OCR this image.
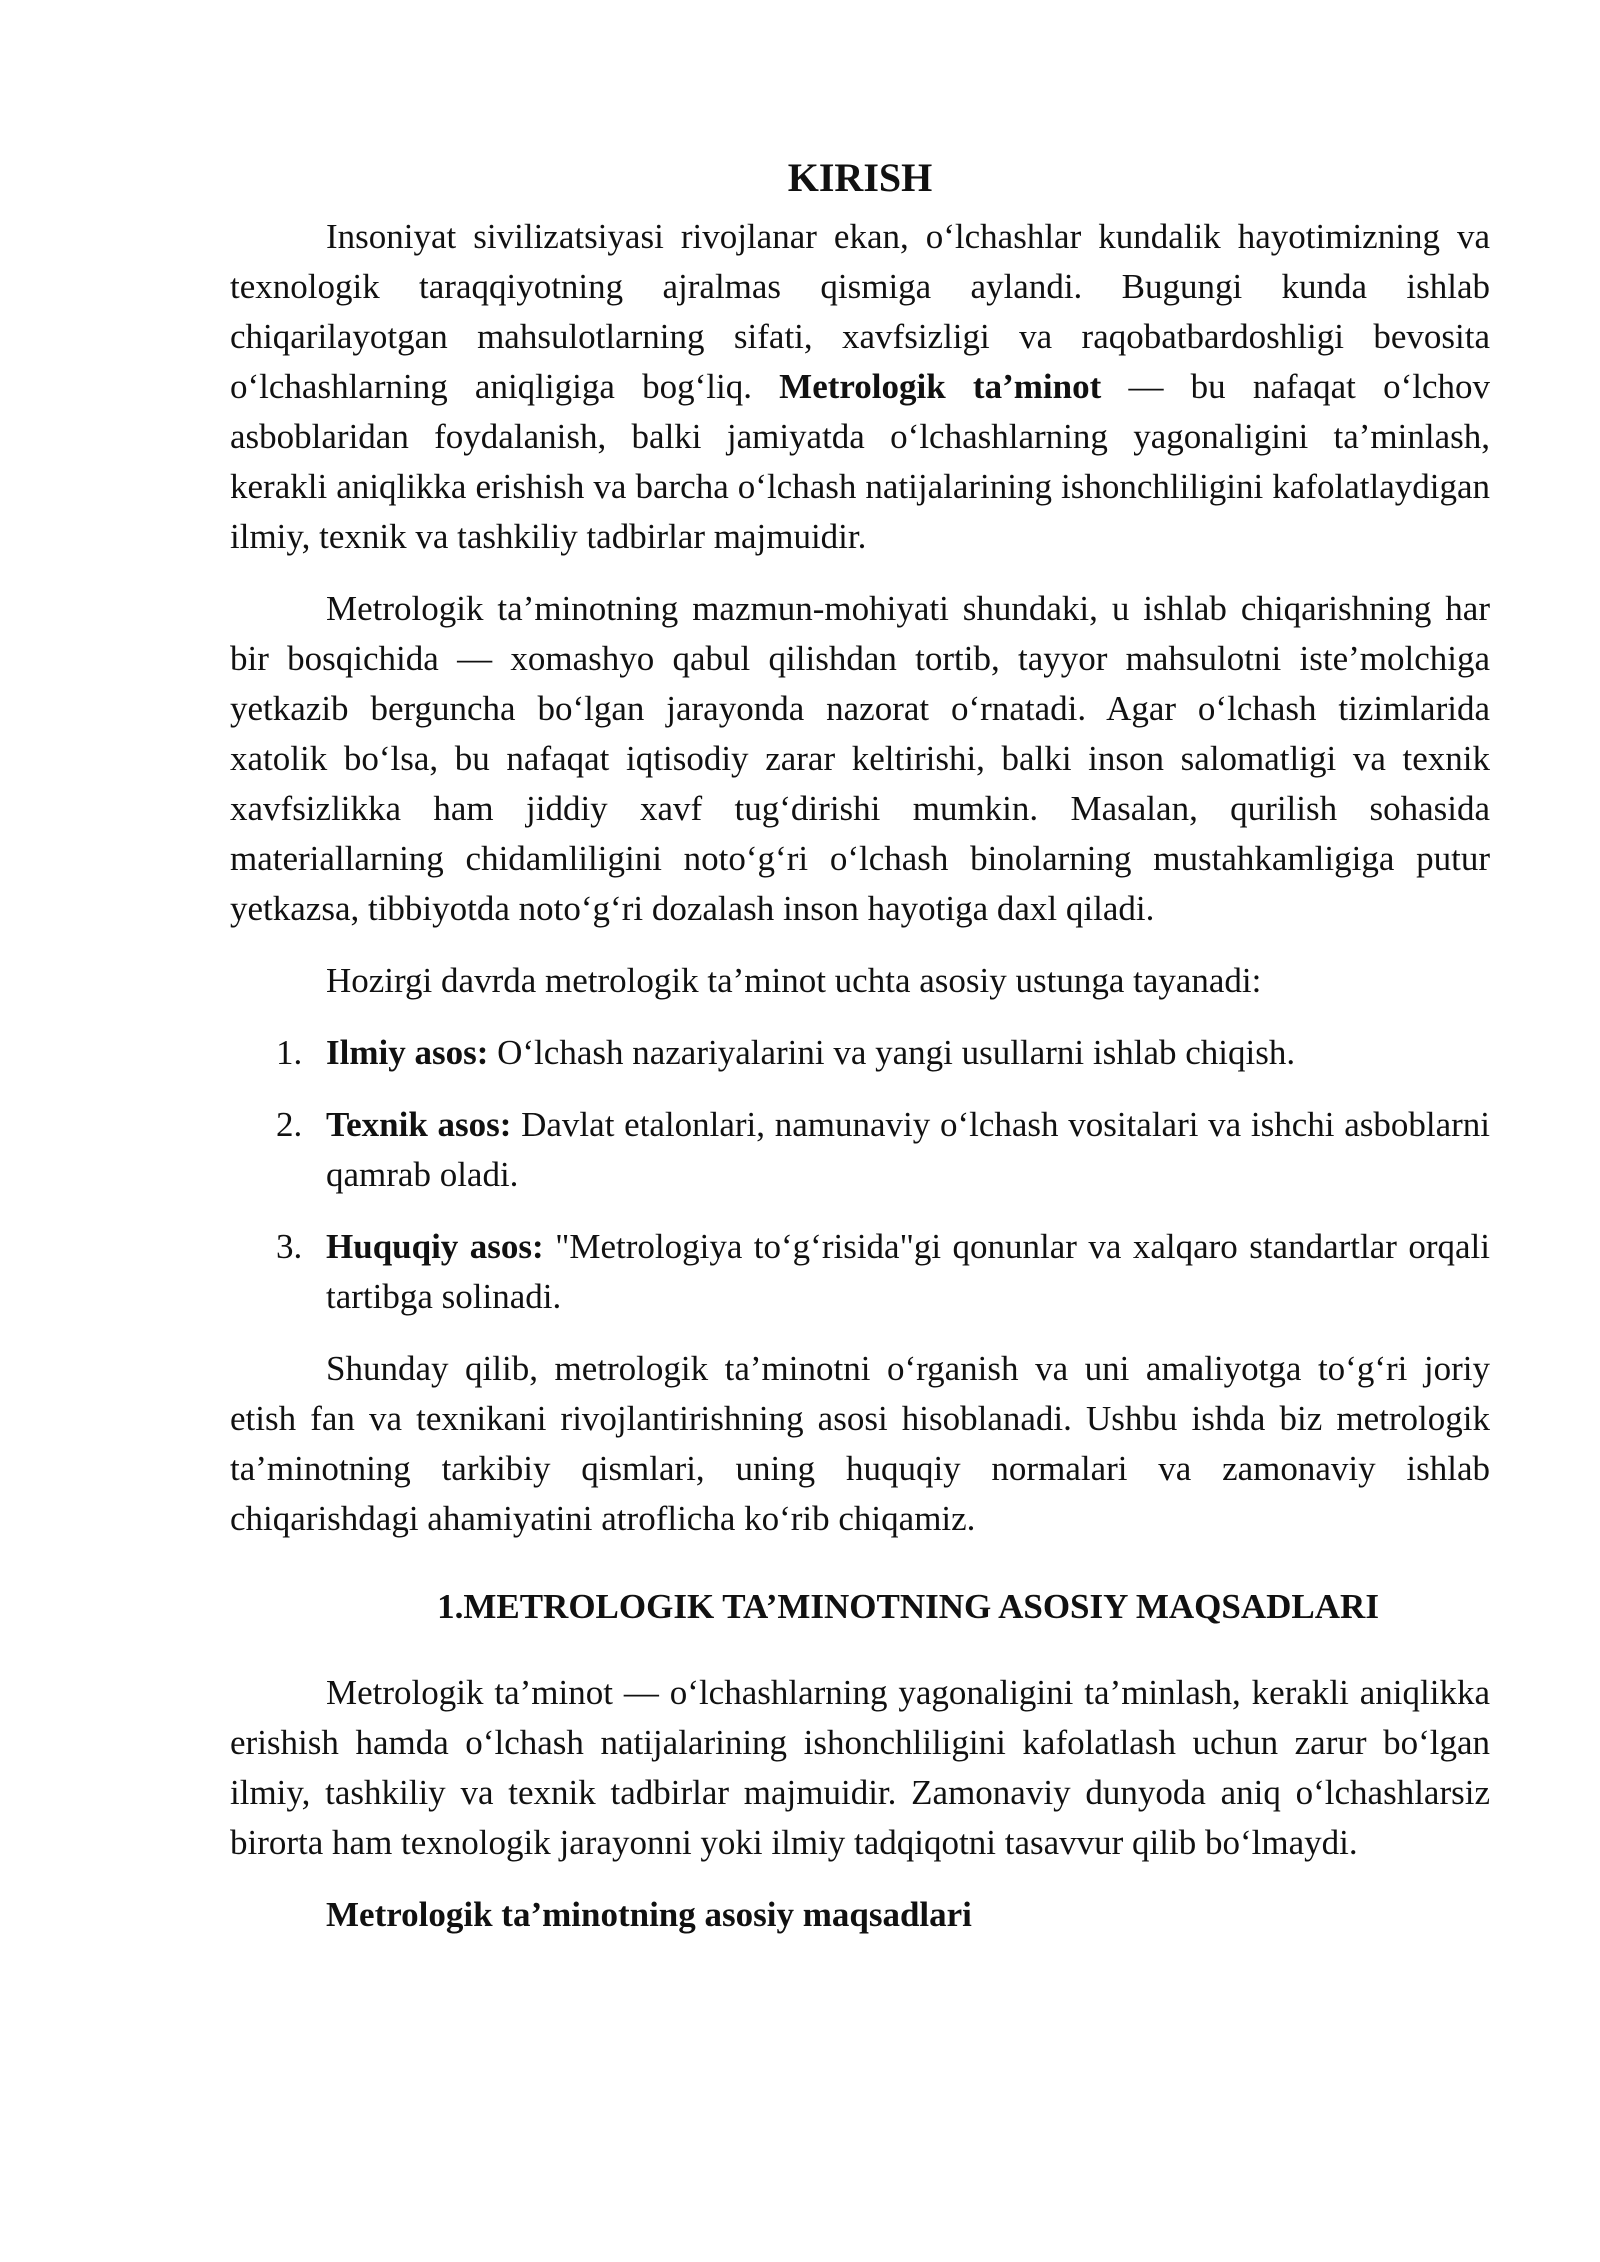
KIRISH

Insoniyat sivilizatsiyasi rivojlanar ekan, o‘lchashlar kundalik hayotimizning va texnologik taraqqiyotning ajralmas qismiga aylandi. Bugungi kunda ishlab chiqarilayotgan mahsulotlarning sifati, xavfsizligi va raqobatbardoshligi bevosita o‘lchashlarning aniqligiga bog‘liq. Metrologik ta’minot — bu nafaqat o‘lchov asboblaridan foydalanish, balki jamiyatda o‘lchashlarning yagonaligini ta’minlash, kerakli aniqlikka erishish va barcha o‘lchash natijalarining ishonchliligini kafolatlaydigan ilmiy, texnik va tashkiliy tadbirlar majmuidir.

Metrologik ta’minotning mazmun-mohiyati shundaki, u ishlab chiqarishning har bir bosqichida — xomashyo qabul qilishdan tortib, tayyor mahsulotni iste’molchiga yetkazib berguncha bo‘lgan jarayonda nazorat o‘rnatadi. Agar o‘lchash tizimlarida xatolik bo‘lsa, bu nafaqat iqtisodiy zarar keltirishi, balki inson salomatligi va texnik xavfsizlikka ham jiddiy xavf tug‘dirishi mumkin. Masalan, qurilish sohasida materiallarning chidamliligini noto‘g‘ri o‘lchash binolarning mustahkamligiga putur yetkazsa, tibbiyotda noto‘g‘ri dozalash inson hayotiga daxl qiladi.

Hozirgi davrda metrologik ta’minot uchta asosiy ustunga tayanadi:

1. Ilmiy asos: O‘lchash nazariyalarini va yangi usullarni ishlab chiqish.
2. Texnik asos: Davlat etalonlari, namunaviy o‘lchash vositalari va ishchi asboblarni qamrab oladi.
3. Huquqiy asos: "Metrologiya to‘g‘risida"gi qonunlar va xalqaro standartlar orqali tartibga solinadi.

Shunday qilib, metrologik ta’minotni o‘rganish va uni amaliyotga to‘g‘ri joriy etish fan va texnikani rivojlantirishning asosi hisoblanadi. Ushbu ishda biz metrologik ta’minotning tarkibiy qismlari, uning huquqiy normalari va zamonaviy ishlab chiqarishdagi ahamiyatini atroflicha ko‘rib chiqamiz.

1.METROLOGIK TA’MINOTNING ASOSIY MAQSADLARI

Metrologik ta’minot — o‘lchashlarning yagonaligini ta’minlash, kerakli aniqlikka erishish hamda o‘lchash natijalarining ishonchliligini kafolatlash uchun zarur bo‘lgan ilmiy, tashkiliy va texnik tadbirlar majmuidir. Zamonaviy dunyoda aniq o‘lchashlarsiz birorta ham texnologik jarayonni yoki ilmiy tadqiqotni tasavvur qilib bo‘lmaydi.

Metrologik ta’minotning asosiy maqsadlari
